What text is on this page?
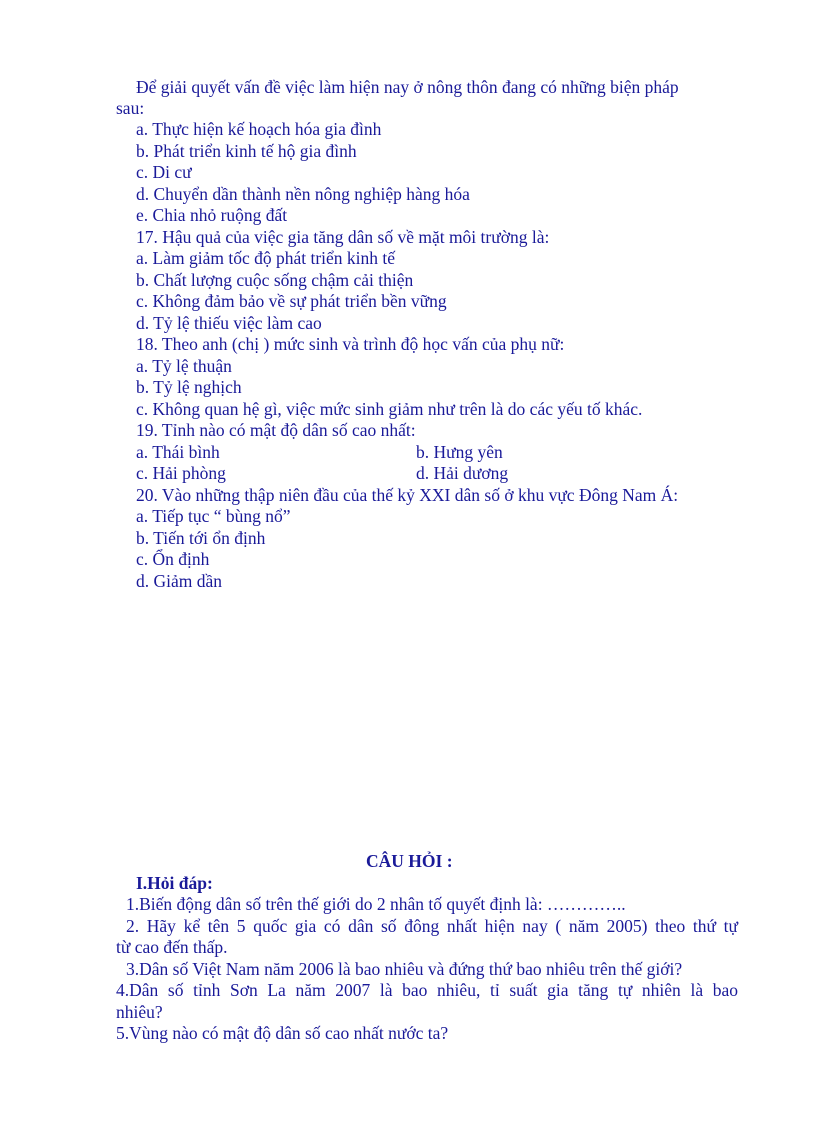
Để giải quyết vấn đề việc làm hiện nay ở nông thôn đang có những biện pháp
sau:
a. Thực hiện kế hoạch hóa gia đình
b. Phát triển kinh tế hộ gia đình
c. Di cư
d. Chuyển dần thành nền nông nghiệp hàng hóa
e. Chia nhỏ ruộng đất
17. Hậu quả của việc gia tăng dân số về mặt môi trường là:
a. Làm giảm tốc độ phát triển kinh tế
b. Chất lượng cuộc sống chậm cải thiện
c. Không đảm bảo về sự phát triển bền vững
d. Tỷ lệ thiếu việc làm cao
18. Theo anh (chị ) mức sinh và trình độ học vấn của phụ nữ:
a. Tỷ lệ thuận
b. Tỷ lệ nghịch
c. Không quan hệ gì, việc mức sinh giảm như trên là do các yếu tố khác.
19. Tỉnh nào có mật độ dân số cao nhất:
a. Thái bình	b. Hưng yên
c. Hải phòng	d. Hải dương
20. Vào những thập niên đầu của thế kỷ XXI dân số ở khu vực Đông Nam Á:
a. Tiếp tục “ bùng nổ”
b. Tiến tới ổn định
c. Ổn định
d. Giảm dần
CÂU HỎI :
I.Hỏi đáp:
1.Biến động dân số trên thế giới do 2 nhân tố quyết định là: …………..
2. Hãy kể tên 5 quốc gia có dân số đông nhất hiện nay ( năm 2005) theo thứ tự
từ cao đến thấp.
3.Dân số Việt Nam năm 2006 là bao nhiêu và đứng thứ bao nhiêu trên thế giới?
4.Dân số tỉnh Sơn La năm 2007 là bao nhiêu, tỉ suất gia tăng tự nhiên là bao
nhiêu?
5.Vùng nào có mật độ dân số cao nhất nước ta?
